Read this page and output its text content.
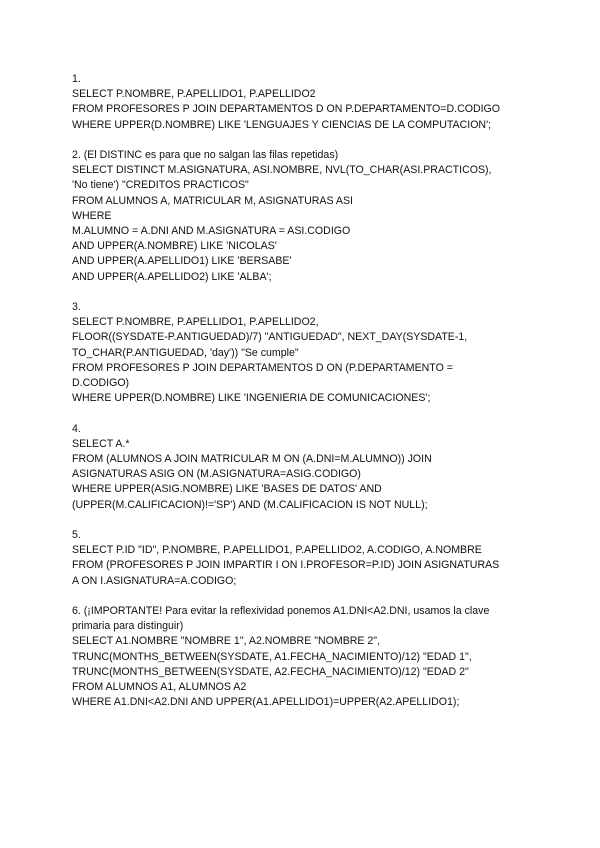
1.
SELECT P.NOMBRE, P.APELLIDO1, P.APELLIDO2
FROM PROFESORES P JOIN DEPARTAMENTOS D ON P.DEPARTAMENTO=D.CODIGO
WHERE UPPER(D.NOMBRE) LIKE 'LENGUAJES Y CIENCIAS DE LA COMPUTACION';
2. (El DISTINC es para que no salgan las filas repetidas)
SELECT DISTINCT M.ASIGNATURA, ASI.NOMBRE, NVL(TO_CHAR(ASI.PRACTICOS),
'No tiene') "CREDITOS PRACTICOS"
FROM ALUMNOS A, MATRICULAR M, ASIGNATURAS ASI
WHERE
M.ALUMNO = A.DNI AND M.ASIGNATURA = ASI.CODIGO
AND UPPER(A.NOMBRE) LIKE 'NICOLAS'
AND UPPER(A.APELLIDO1) LIKE 'BERSABE'
AND UPPER(A.APELLIDO2) LIKE 'ALBA';
3.
SELECT P.NOMBRE, P.APELLIDO1, P.APELLIDO2,
FLOOR((SYSDATE-P.ANTIGUEDAD)/7) "ANTIGUEDAD", NEXT_DAY(SYSDATE-1,
TO_CHAR(P.ANTIGUEDAD, 'day')) "Se cumple"
FROM PROFESORES P JOIN DEPARTAMENTOS D ON (P.DEPARTAMENTO =
D.CODIGO)
WHERE UPPER(D.NOMBRE) LIKE 'INGENIERIA DE COMUNICACIONES';
4.
SELECT A.*
FROM (ALUMNOS A JOIN MATRICULAR M ON (A.DNI=M.ALUMNO)) JOIN
ASIGNATURAS ASIG ON (M.ASIGNATURA=ASIG.CODIGO)
WHERE UPPER(ASIG.NOMBRE) LIKE 'BASES DE DATOS' AND
(UPPER(M.CALIFICACION)!='SP') AND (M.CALIFICACION IS NOT NULL);
5.
SELECT P.ID "ID", P.NOMBRE, P.APELLIDO1, P.APELLIDO2, A.CODIGO, A.NOMBRE
FROM (PROFESORES P JOIN IMPARTIR I ON I.PROFESOR=P.ID) JOIN ASIGNATURAS
A ON I.ASIGNATURA=A.CODIGO;
6. (¡IMPORTANTE! Para evitar la reflexividad ponemos A1.DNI<A2.DNI, usamos la clave
primaria para distinguir)
SELECT A1.NOMBRE "NOMBRE 1", A2.NOMBRE "NOMBRE 2",
TRUNC(MONTHS_BETWEEN(SYSDATE, A1.FECHA_NACIMIENTO)/12) "EDAD 1",
TRUNC(MONTHS_BETWEEN(SYSDATE, A2.FECHA_NACIMIENTO)/12) "EDAD 2"
FROM ALUMNOS A1, ALUMNOS A2
WHERE A1.DNI<A2.DNI AND UPPER(A1.APELLIDO1)=UPPER(A2.APELLIDO1);
